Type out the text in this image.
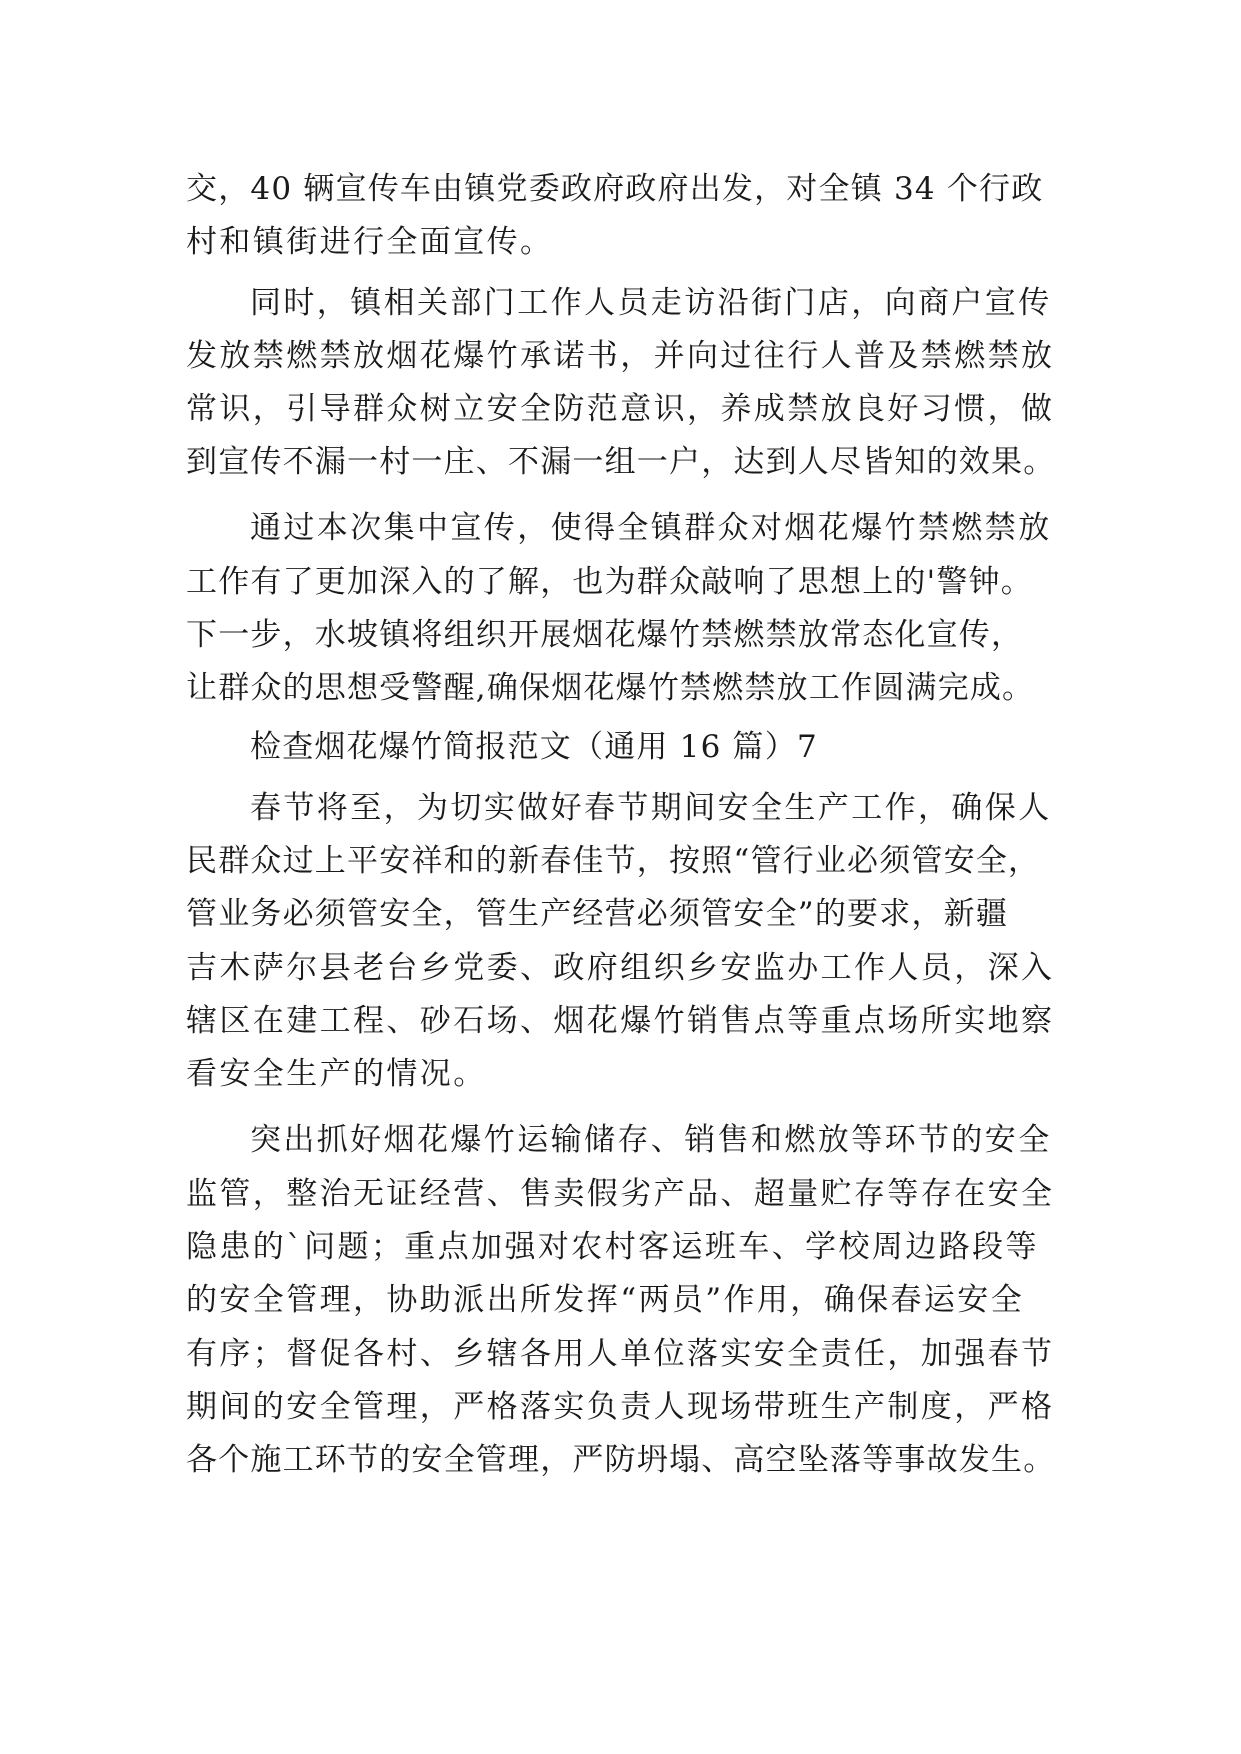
交，40 辆宣传车由镇党委政府政府出发，对全镇 34 个行政
村和镇街进行全面宣传。
同时，镇相关部门工作人员走访沿街门店，向商户宣传
发放禁燃禁放烟花爆竹承诺书，并向过往行人普及禁燃禁放
常识，引导群众树立安全防范意识，养成禁放良好习惯，做
到宣传不漏一村一庄、不漏一组一户，达到人尽皆知的效果。
通过本次集中宣传，使得全镇群众对烟花爆竹禁燃禁放
工作有了更加深入的了解，也为群众敲响了思想上的'警钟。
下一步，水坡镇将组织开展烟花爆竹禁燃禁放常态化宣传，
让群众的思想受警醒,确保烟花爆竹禁燃禁放工作圆满完成。
检查烟花爆竹简报范文（通用 16 篇）7
春节将至，为切实做好春节期间安全生产工作，确保人
民群众过上平安祥和的新春佳节，按照“管行业必须管安全，
管业务必须管安全，管生产经营必须管安全”的要求，新疆
吉木萨尔县老台乡党委、政府组织乡安监办工作人员，深入
辖区在建工程、砂石场、烟花爆竹销售点等重点场所实地察
看安全生产的情况。
突出抓好烟花爆竹运输储存、销售和燃放等环节的安全
监管，整治无证经营、售卖假劣产品、超量贮存等存在安全
隐患的`问题；重点加强对农村客运班车、学校周边路段等
的安全管理，协助派出所发挥“两员”作用，确保春运安全
有序；督促各村、乡辖各用人单位落实安全责任，加强春节
期间的安全管理，严格落实负责人现场带班生产制度，严格
各个施工环节的安全管理，严防坍塌、高空坠落等事故发生。
